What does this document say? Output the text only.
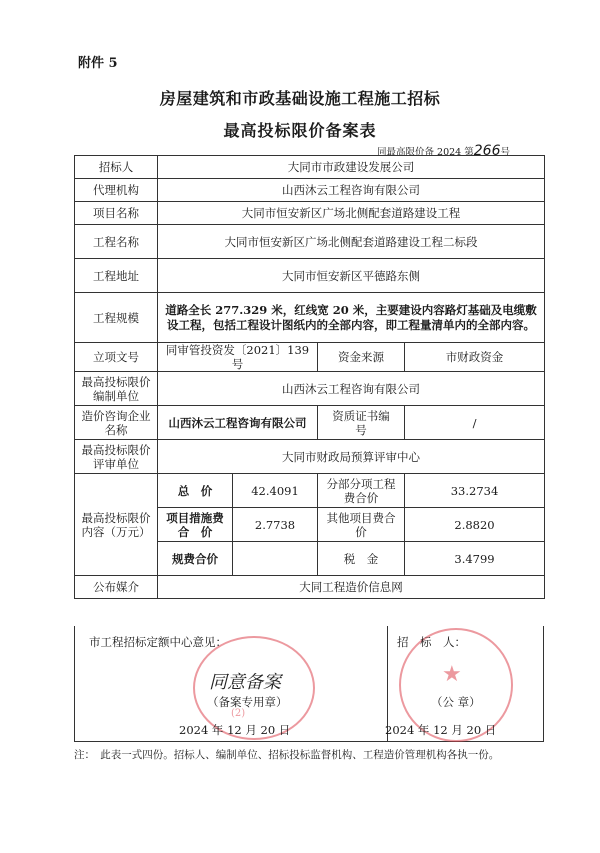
附件 5
房屋建筑和市政基础设施工程施工招标
最高投标限价备案表
同最高限价备 2024 第266号
招标人	大同市市政建设发展公司			
代理机构	山西沐云工程咨询有限公司			
项目名称	大同市恒安新区广场北侧配套道路建设工程			
工程名称	大同市恒安新区广场北侧配套道路建设工程二标段			
工程地址	大同市恒安新区平德路东侧			
工程规模	道路全长 277.329 米，红线宽 20 米，主要建设内容路灯基础及电缆敷设工程，包括工程设计图纸内的全部内容，即工程量清单内的全部内容。			
立项文号	同审管投资发〔2021〕139 号		资金来源	市财政资金
最高投标限价编制单位	山西沐云工程咨询有限公司			
造价咨询企业名称	山西沐云工程咨询有限公司		资质证书编　号	/
最高投标限价评审单位	大同市财政局预算评审中心			
最高投标限价内容（万元）	总　价	42.4091	分部分项工程费合价	33.2734
	项目措施费合　价	2.7738	其他项目费合价	2.8820
	规费合价		税　金	3.4799
公布媒介	大同工程造价信息网			
(2)
市工程招标定额中心意见：
同意备案
（备案专用章）
2024 年 12 月 20 日
★
招　标　人：
（公 章）
2024 年 12 月 20 日
注：　此表一式四份。招标人、编制单位、招标投标监督机构、工程造价管理机构各执一份。
